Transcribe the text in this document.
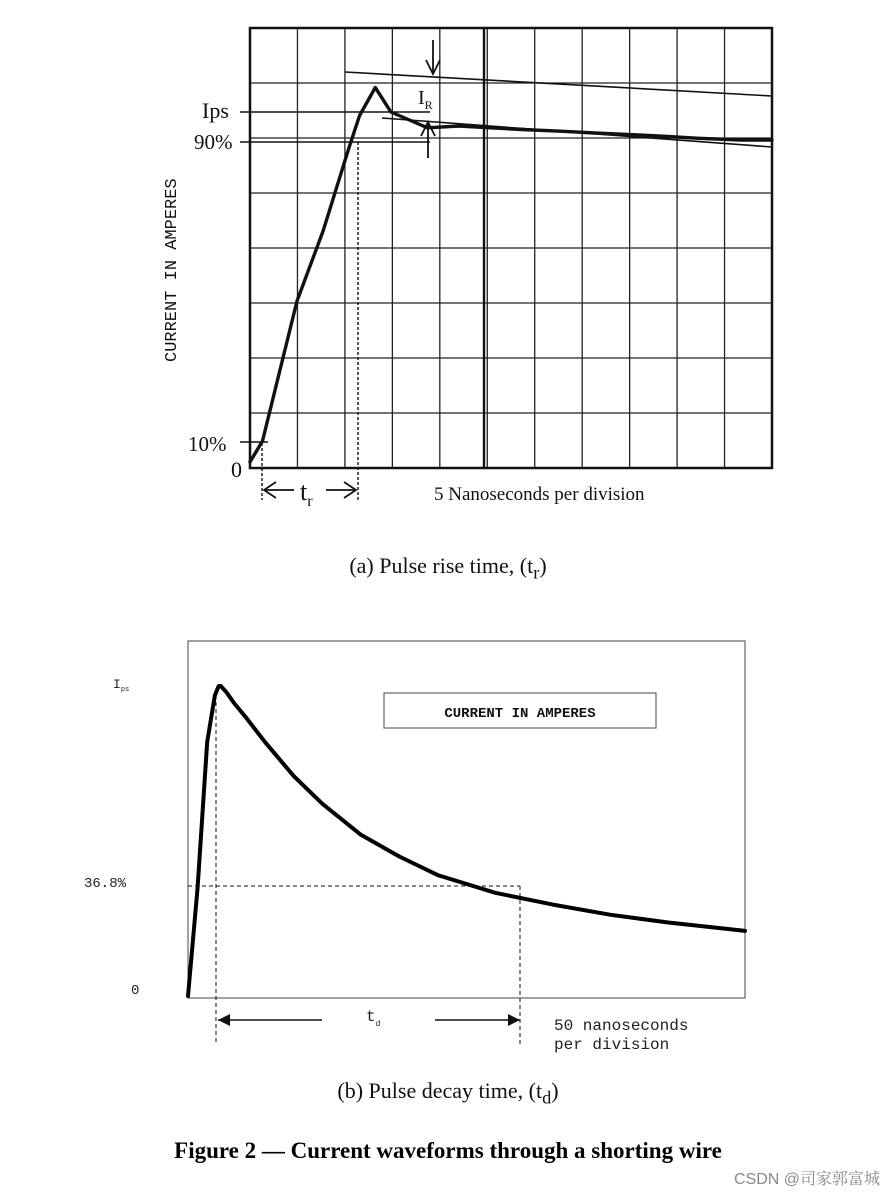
$I_R$
Ips
90%
10%
0
CURRENT IN AMPERES
$t_r$	5 Nanoseconds per division
(a) Pulse rise time, $(t_r)$
CURRENT IN AMPERES
$I_{ps}$
36.8%
0
$t_d$	50 nanoseconds
per division
(b) Pulse decay time, $(t_d)$
Figure 2 — Current waveforms through a shorting wire
CSDN @司家郭富城
